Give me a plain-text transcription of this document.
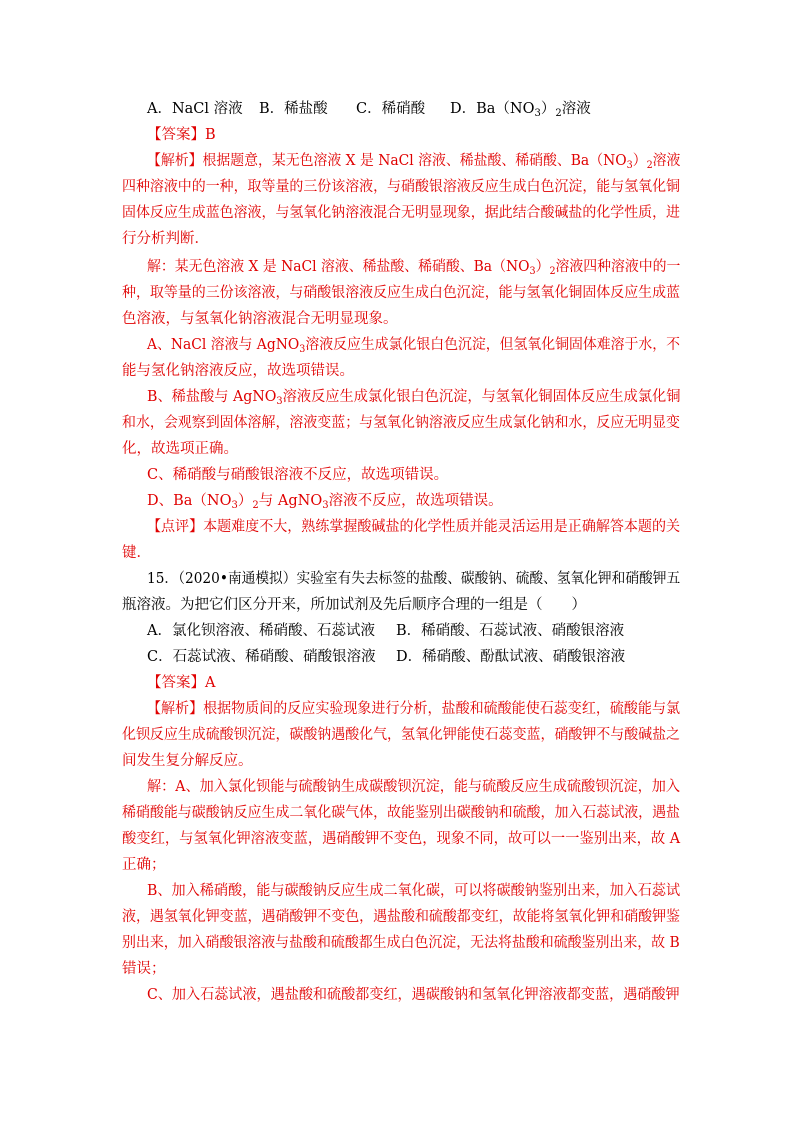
A．NaCl 溶液 B．稀盐酸 C．稀硝酸 D．$Ba(NO_3)_2$溶液
【答案】B
【解析】根据题意，某无色溶液 X 是 NaCl 溶液、稀盐酸、稀硝酸、$Ba(NO_3)_2$溶液
四种溶液中的一种，取等量的三份该溶液，与硝酸银溶液反应生成白色沉淀，能与氢氧化铜
固体反应生成蓝色溶液，与氢氧化钠溶液混合无明显现象，据此结合酸碱盐的化学性质，进
行分析判断．
解：某无色溶液 X 是 NaCl 溶液、稀盐酸、稀硝酸、$Ba(NO_3)_2$溶液四种溶液中的一
种，取等量的三份该溶液，与硝酸银溶液反应生成白色沉淀，能与氢氧化铜固体反应生成蓝
色溶液，与氢氧化钠溶液混合无明显现象。
A、NaCl 溶液与 AgNO$_3$溶液反应生成氯化银白色沉淀，但氢氧化铜固体难溶于水，不
能与氢化钠溶液反应，故选项错误。
B、稀盐酸与 AgNO$_3$溶液反应生成氯化银白色沉淀，与氢氧化铜固体反应生成氯化铜
和水，会观察到固体溶解，溶液变蓝；与氢氧化钠溶液反应生成氯化钠和水，反应无明显变
化，故选项正确。
C、稀硝酸与硝酸银溶液不反应，故选项错误。
D、$Ba(NO_3)_2$与 AgNO$_3$溶液不反应，故选项错误。
【点评】本题难度不大，熟练掌握酸碱盐的化学性质并能灵活运用是正确解答本题的关
键．
15．（2020•南通模拟）实验室有失去标签的盐酸、碳酸钠、硫酸、氢氧化钾和硝酸钾五
瓶溶液。为把它们区分开来，所加试剂及先后顺序合理的一组是（　　）
A．氯化钡溶液、稀硝酸、石蕊试液 B．稀硝酸、石蕊试液、硝酸银溶液
C．石蕊试液、稀硝酸、硝酸银溶液 D．稀硝酸、酚酞试液、硝酸银溶液
【答案】A
【解析】根据物质间的反应实验现象进行分析，盐酸和硫酸能使石蕊变红，硫酸能与氯
化钡反应生成硫酸钡沉淀，碳酸钠遇酸化气，氢氧化钾能使石蕊变蓝，硝酸钾不与酸碱盐之
间发生复分解反应。
解：A、加入氯化钡能与硫酸钠生成碳酸钡沉淀，能与硫酸反应生成硫酸钡沉淀，加入
稀硝酸能与碳酸钠反应生成二氧化碳气体，故能鉴别出碳酸钠和硫酸，加入石蕊试液，遇盐
酸变红，与氢氧化钾溶液变蓝，遇硝酸钾不变色，现象不同，故可以一一鉴别出来，故 A
正确；
B、加入稀硝酸，能与碳酸钠反应生成二氧化碳，可以将碳酸钠鉴别出来，加入石蕊试
液，遇氢氧化钾变蓝，遇硝酸钾不变色，遇盐酸和硫酸都变红，故能将氢氧化钾和硝酸钾鉴
别出来，加入硝酸银溶液与盐酸和硫酸都生成白色沉淀，无法将盐酸和硫酸鉴别出来，故 B
错误；
C、加入石蕊试液，遇盐酸和硫酸都变红，遇碳酸钠和氢氧化钾溶液都变蓝，遇硝酸钾
